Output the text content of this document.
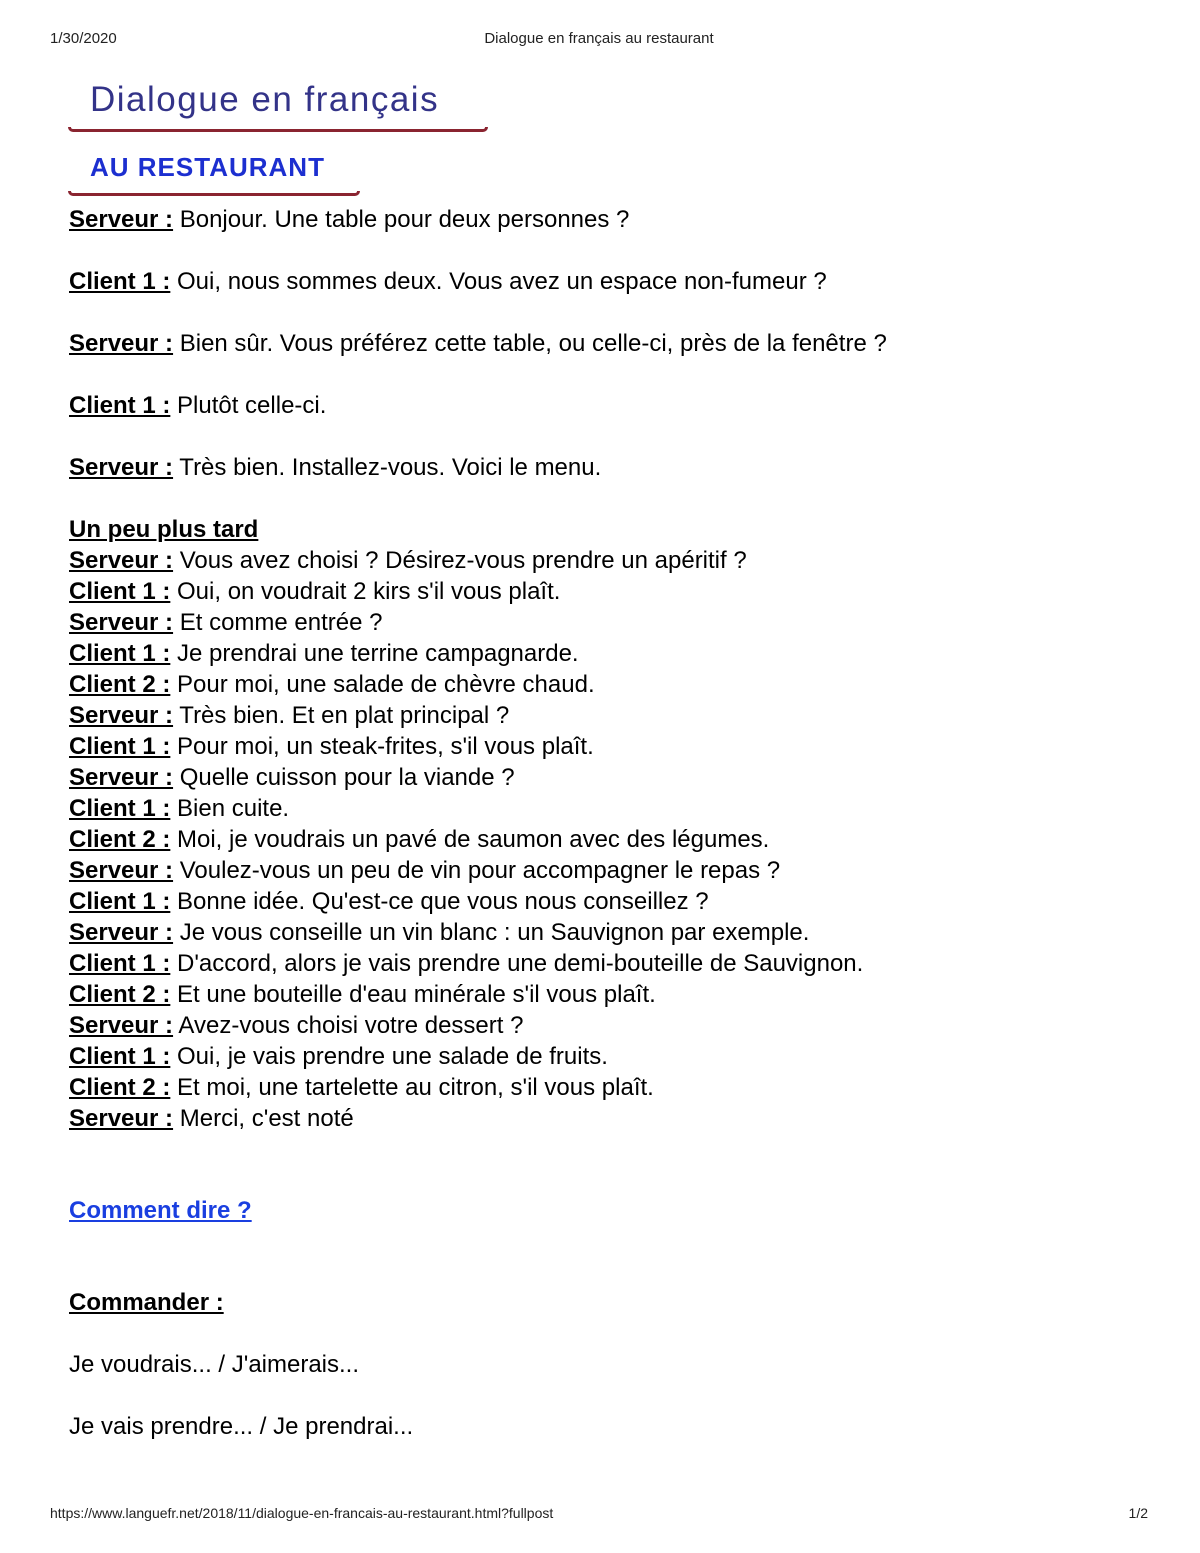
1/30/2020	Dialogue en français au restaurant
Dialogue en français
AU RESTAURANT
Serveur : Bonjour. Une table pour deux personnes ?
Client 1 : Oui, nous sommes deux. Vous avez un espace non-fumeur ?
Serveur : Bien sûr. Vous préférez cette table, ou celle-ci, près de la fenêtre ?
Client 1 : Plutôt celle-ci.
Serveur : Très bien. Installez-vous. Voici le menu.
Un peu plus tard
Serveur : Vous avez choisi ? Désirez-vous prendre un apéritif ?
Client 1 : Oui, on voudrait 2 kirs s'il vous plaît.
Serveur : Et comme entrée ?
Client 1 : Je prendrai une terrine campagnarde.
Client 2 : Pour moi, une salade de chèvre chaud.
Serveur : Très bien. Et en plat principal ?
Client 1 : Pour moi, un steak-frites, s'il vous plaît.
Serveur : Quelle cuisson pour la viande ?
Client 1 : Bien cuite.
Client 2 : Moi, je voudrais un pavé de saumon avec des légumes.
Serveur : Voulez-vous un peu de vin pour accompagner le repas ?
Client 1 : Bonne idée. Qu'est-ce que vous nous conseillez ?
Serveur : Je vous conseille un vin blanc : un Sauvignon par exemple.
Client 1 : D'accord, alors je vais prendre une demi-bouteille de Sauvignon.
Client 2 : Et une bouteille d'eau minérale s'il vous plaît.
Serveur : Avez-vous choisi votre dessert ?
Client 1 : Oui, je vais prendre une salade de fruits.
Client 2 : Et moi, une tartelette au citron, s'il vous plaît.
Serveur : Merci, c'est noté
Comment dire ?
Commander :
Je voudrais... / J'aimerais...
Je vais prendre... / Je prendrai...
https://www.languefr.net/2018/11/dialogue-en-francais-au-restaurant.html?fullpost	1/2
